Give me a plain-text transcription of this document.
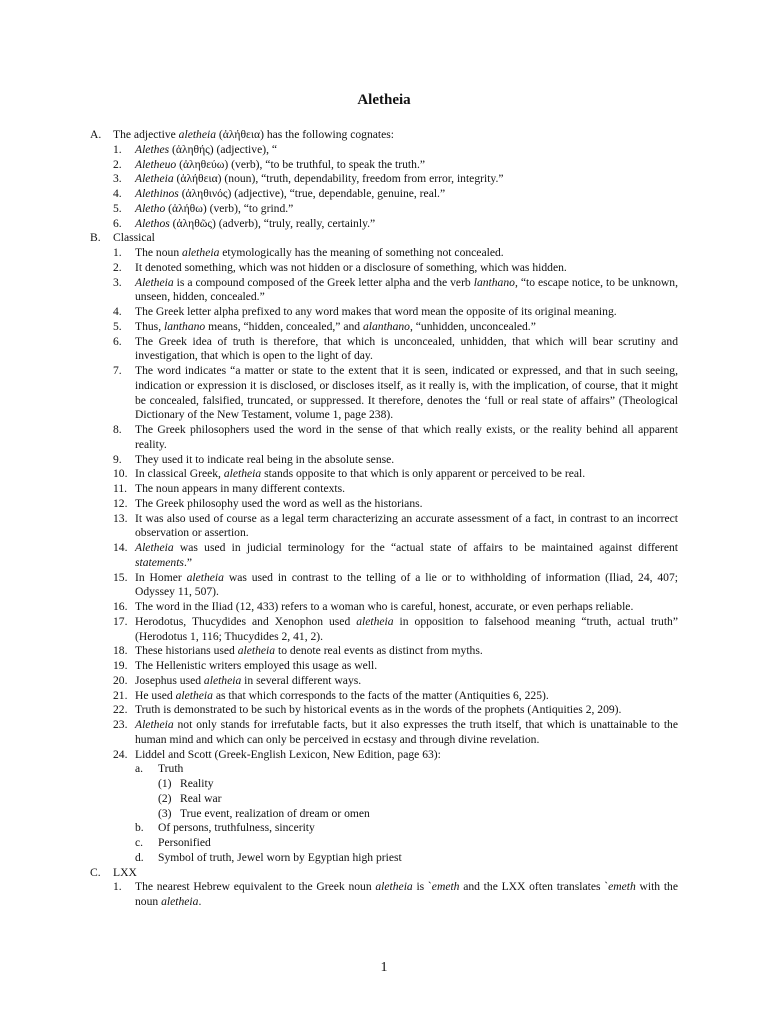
Aletheia
A.	The adjective aletheia (ἀλήθεια) has the following cognates:
1.	Alethes (ἀληθής) (adjective), “
2.	Aletheuo (ἀληθεύω) (verb), “to be truthful, to speak the truth.”
3.	Aletheia (ἀλήθεια) (noun), “truth, dependability, freedom from error, integrity.”
4.	Alethinos (ἀληθινός) (adjective), “true, dependable, genuine, real.”
5.	Aletho (ἀλήθω) (verb), “to grind.”
6.	Alethos (ἀληθῶς) (adverb), “truly, really, certainly.”
B.	Classical
1.	The noun aletheia etymologically has the meaning of something not concealed.
2.	It denoted something, which was not hidden or a disclosure of something, which was hidden.
3.	Aletheia is a compound composed of the Greek letter alpha and the verb lanthano, “to escape notice, to be unknown, unseen, hidden, concealed.”
4.	The Greek letter alpha prefixed to any word makes that word mean the opposite of its original meaning.
5.	Thus, lanthano means, “hidden, concealed,” and alanthano, “unhidden, unconcealed.”
6.	The Greek idea of truth is therefore, that which is unconcealed, unhidden, that which will bear scrutiny and investigation, that which is open to the light of day.
7.	The word indicates “a matter or state to the extent that it is seen, indicated or expressed, and that in such seeing, indication or expression it is disclosed, or discloses itself, as it really is, with the implication, of course, that it might be concealed, falsified, truncated, or suppressed. It therefore, denotes the ‘full or real state of affairs” (Theological Dictionary of the New Testament, volume 1, page 238).
8.	The Greek philosophers used the word in the sense of that which really exists, or the reality behind all apparent reality.
9.	They used it to indicate real being in the absolute sense.
10. In classical Greek, aletheia stands opposite to that which is only apparent or perceived to be real.
11. The noun appears in many different contexts.
12. The Greek philosophy used the word as well as the historians.
13. It was also used of course as a legal term characterizing an accurate assessment of a fact, in contrast to an incorrect observation or assertion.
14. Aletheia was used in judicial terminology for the “actual state of affairs to be maintained against different statements.”
15. In Homer aletheia was used in contrast to the telling of a lie or to withholding of information (Iliad, 24, 407; Odyssey 11, 507).
16. The word in the Iliad (12, 433) refers to a woman who is careful, honest, accurate, or even perhaps reliable.
17. Herodotus, Thucydides and Xenophon used aletheia in opposition to falsehood meaning “truth, actual truth” (Herodotus 1, 116; Thucydides 2, 41, 2).
18. These historians used aletheia to denote real events as distinct from myths.
19. The Hellenistic writers employed this usage as well.
20. Josephus used aletheia in several different ways.
21. He used aletheia as that which corresponds to the facts of the matter (Antiquities 6, 225).
22. Truth is demonstrated to be such by historical events as in the words of the prophets (Antiquities 2, 209).
23. Aletheia not only stands for irrefutable facts, but it also expresses the truth itself, that which is unattainable to the human mind and which can only be perceived in ecstasy and through divine revelation.
24. Liddel and Scott (Greek-English Lexicon, New Edition, page 63):
a.	Truth
(1) Reality
(2) Real war
(3) True event, realization of dream or omen
b.	Of persons, truthfulness, sincerity
c.	Personified
d.	Symbol of truth, Jewel worn by Egyptian high priest
C.	LXX
1.	The nearest Hebrew equivalent to the Greek noun aletheia is `emeth and the LXX often translates `emeth with the noun aletheia.
1
